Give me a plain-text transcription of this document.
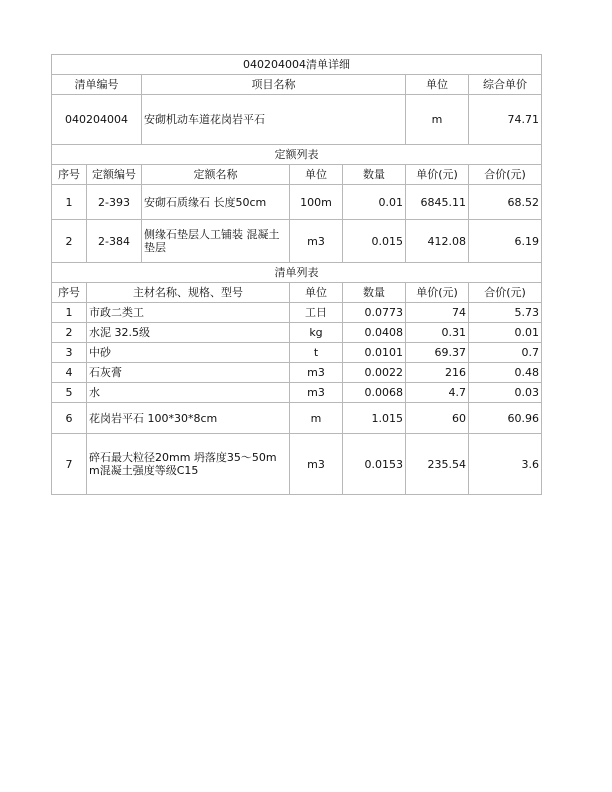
040204004清单详细						
清单编号		项目名称			单位	综合单价
040204004		安砌机动车道花岗岩平石			m	74.71
定额列表						
序号	定额编号	定额名称	单位	数量	单价(元)	合价(元)
1	2-393	安砌石质缘石 长度50cm	100m	0.01	6845.11	68.52
2	2-384	侧缘石垫层人工铺装 混凝土垫层	m3	0.015	412.08	6.19
清单列表						
序号	主材名称、规格、型号		单位	数量	单价(元)	合价(元)
1	市政二类工		工日	0.0773	74	5.73
2	水泥 32.5级		kg	0.0408	0.31	0.01
3	中砂		t	0.0101	69.37	0.7
4	石灰膏		m3	0.0022	216	0.48
5	水		m3	0.0068	4.7	0.03
6	花岗岩平石 100*30*8cm		m	1.015	60	60.96
7	碎石最大粒径20mm 坍落度35～50mm混凝土强度等级C15		m3	0.0153	235.54	3.6
